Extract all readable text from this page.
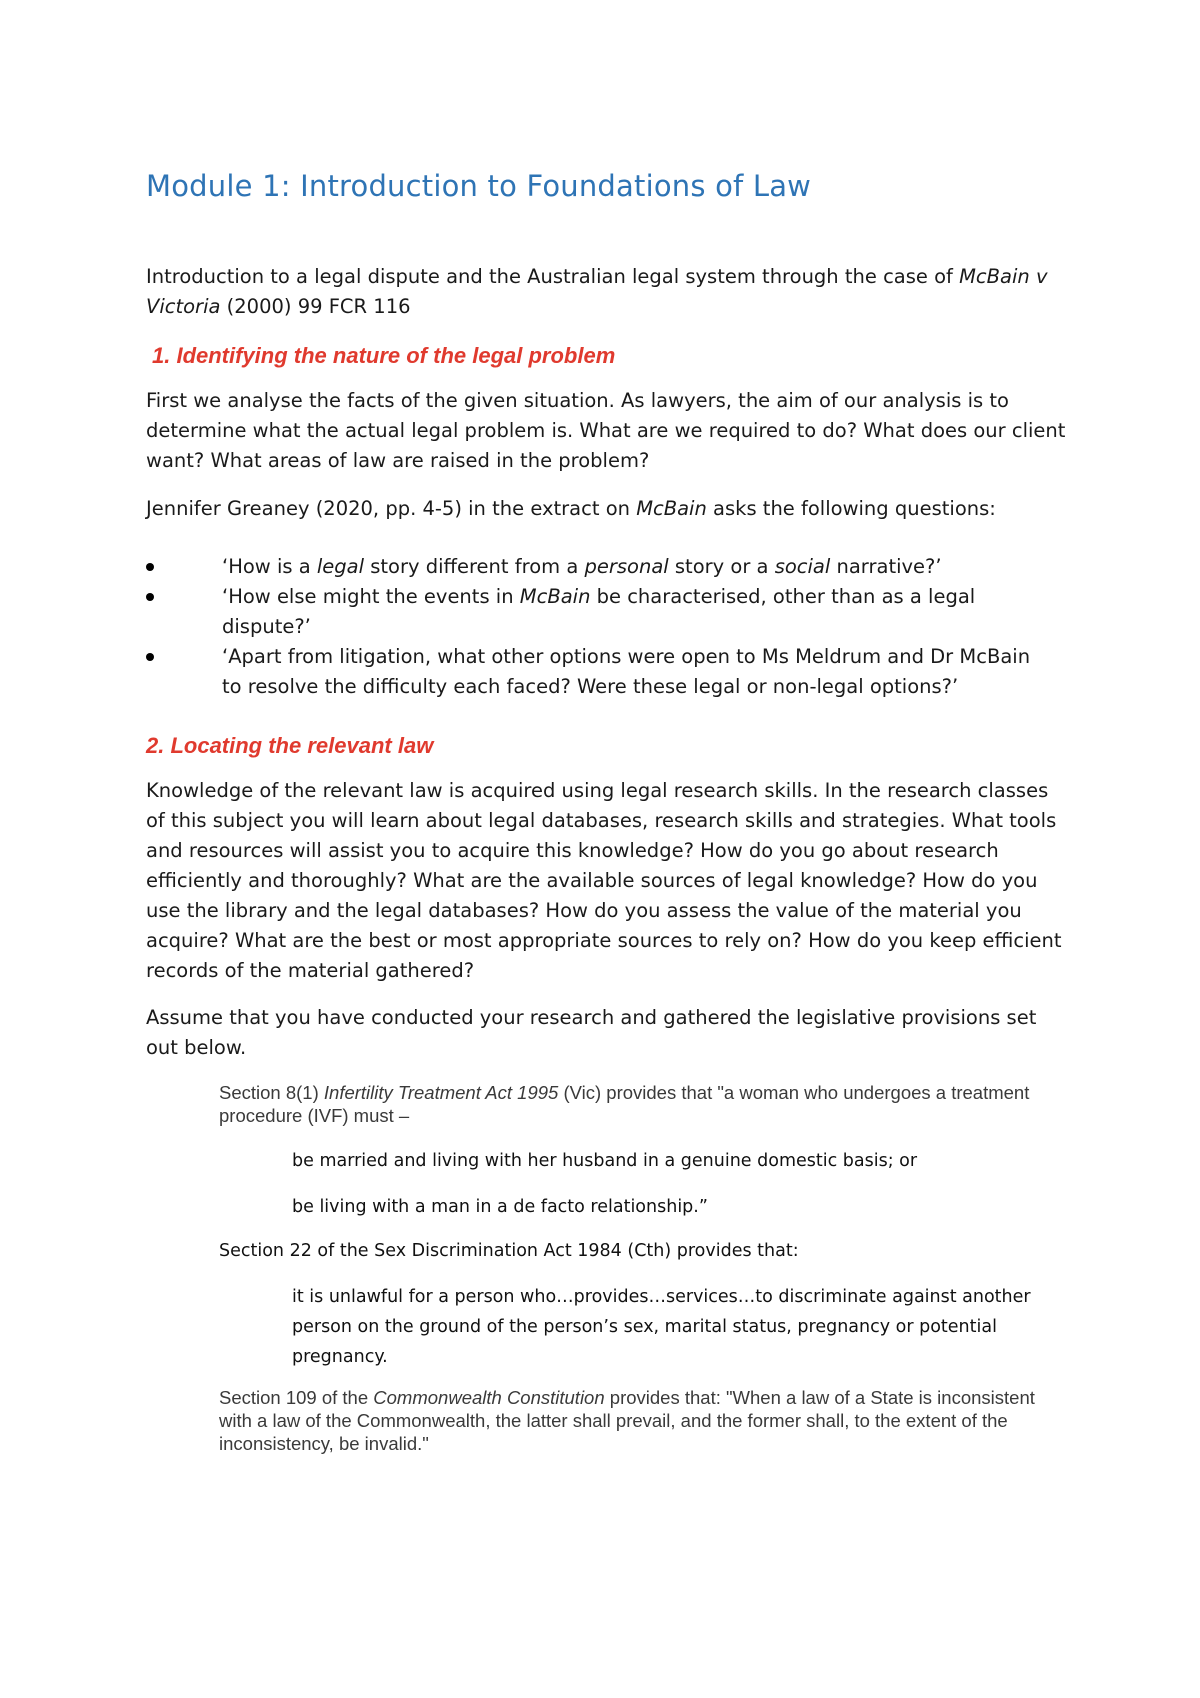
Module 1: Introduction to Foundations of Law
Introduction to a legal dispute and the Australian legal system through the case of McBain v Victoria (2000) 99 FCR 116
1. Identifying the nature of the legal problem
First we analyse the facts of the given situation. As lawyers, the aim of our analysis is to determine what the actual legal problem is. What are we required to do? What does our client want? What areas of law are raised in the problem?
Jennifer Greaney (2020, pp. 4-5) in the extract on McBain asks the following questions:
‘How is a legal story different from a personal story or a social narrative?’
‘How else might the events in McBain be characterised, other than as a legal dispute?’
‘Apart from litigation, what other options were open to Ms Meldrum and Dr McBain to resolve the difficulty each faced? Were these legal or non-legal options?’
2. Locating the relevant law
Knowledge of the relevant law is acquired using legal research skills. In the research classes of this subject you will learn about legal databases, research skills and strategies. What tools and resources will assist you to acquire this knowledge? How do you go about research efficiently and thoroughly? What are the available sources of legal knowledge? How do you use the library and the legal databases? How do you assess the value of the material you acquire? What are the best or most appropriate sources to rely on? How do you keep efficient records of the material gathered?
Assume that you have conducted your research and gathered the legislative provisions set out below.
Section 8(1) Infertility Treatment Act 1995 (Vic) provides that "a woman who undergoes a treatment procedure (IVF) must –
be married and living with her husband in a genuine domestic basis; or
be living with a man in a de facto relationship.”
Section 22 of the Sex Discrimination Act 1984 (Cth) provides that:
it is unlawful for a person who…provides…services…to discriminate against another person on the ground of the person’s sex, marital status, pregnancy or potential pregnancy.
Section 109 of the Commonwealth Constitution provides that: "When a law of a State is inconsistent with a law of the Commonwealth, the latter shall prevail, and the former shall, to the extent of the inconsistency, be invalid."
